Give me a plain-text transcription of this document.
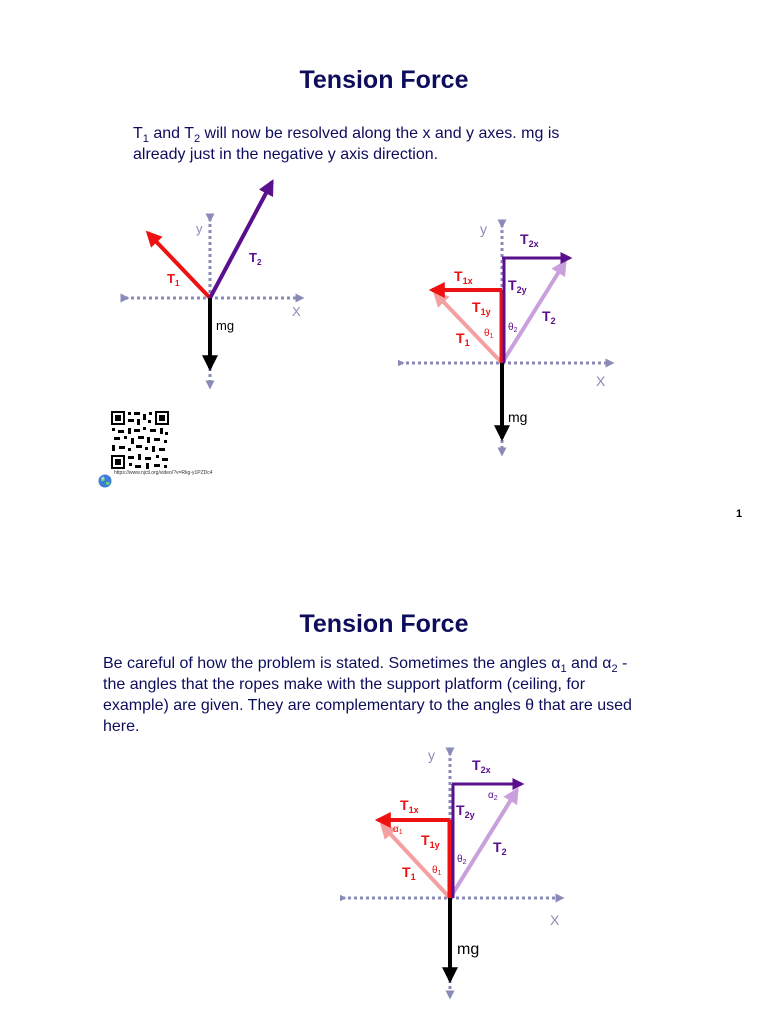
Tension Force
$T_1$ and $T_2$ will now be resolved along the x and y axes. mg is already just in the negative y axis direction.
y
X
$T_1$
$T_2$
mg
y
X
$T_{2x}$
$T_{1x}$	$T_{2y}$
$T_{1y}$
$T_1$
$T_2$
$\theta_1$
$\theta_2$
mg
https://www.njctl.org/video/?v=Rkg-y1PZDc4
1
Tension Force
Be careful of how the problem is stated. Sometimes the angles $\alpha_1$ and $\alpha_2$ - the angles that the ropes make with the support platform (ceiling, for example) are given. They are complementary to the angles θ that are used here.
y
X
$T_{2x}$
$T_{1x}$	$T_{2y}$
$T_{1y}$
$T_1$
$T_2$
$\alpha_1$
$\alpha_2$
$\theta_1$
$\theta_2$
mg
